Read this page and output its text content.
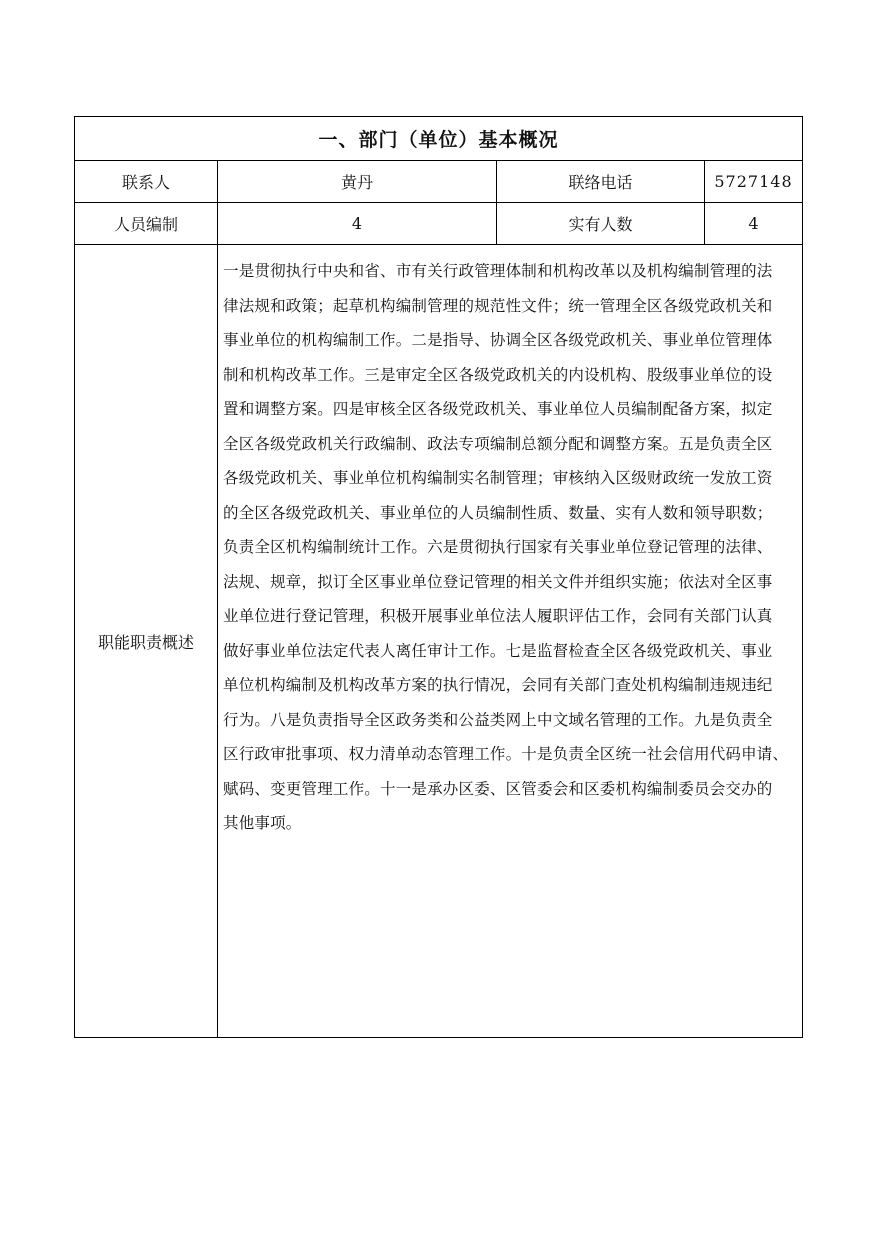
一、部门（单位）基本概况
联系人	黄丹	联络电话	5727148
人员编制	4	实有人数	4
职能职责概述
一是贯彻执行中央和省、市有关行政管理体制和机构改革以及机构编制管理的法
律法规和政策；起草机构编制管理的规范性文件；统一管理全区各级党政机关和
事业单位的机构编制工作。二是指导、协调全区各级党政机关、事业单位管理体
制和机构改革工作。三是审定全区各级党政机关的内设机构、股级事业单位的设
置和调整方案。四是审核全区各级党政机关、事业单位人员编制配备方案，拟定
全区各级党政机关行政编制、政法专项编制总额分配和调整方案。五是负责全区
各级党政机关、事业单位机构编制实名制管理；审核纳入区级财政统一发放工资
的全区各级党政机关、事业单位的人员编制性质、数量、实有人数和领导职数；
负责全区机构编制统计工作。六是贯彻执行国家有关事业单位登记管理的法律、
法规、规章，拟订全区事业单位登记管理的相关文件并组织实施；依法对全区事
业单位进行登记管理，积极开展事业单位法人履职评估工作，会同有关部门认真
做好事业单位法定代表人离任审计工作。七是监督检查全区各级党政机关、事业
单位机构编制及机构改革方案的执行情况，会同有关部门查处机构编制违规违纪
行为。八是负责指导全区政务类和公益类网上中文域名管理的工作。九是负责全
区行政审批事项、权力清单动态管理工作。十是负责全区统一社会信用代码申请、
赋码、变更管理工作。十一是承办区委、区管委会和区委机构编制委员会交办的
其他事项。
